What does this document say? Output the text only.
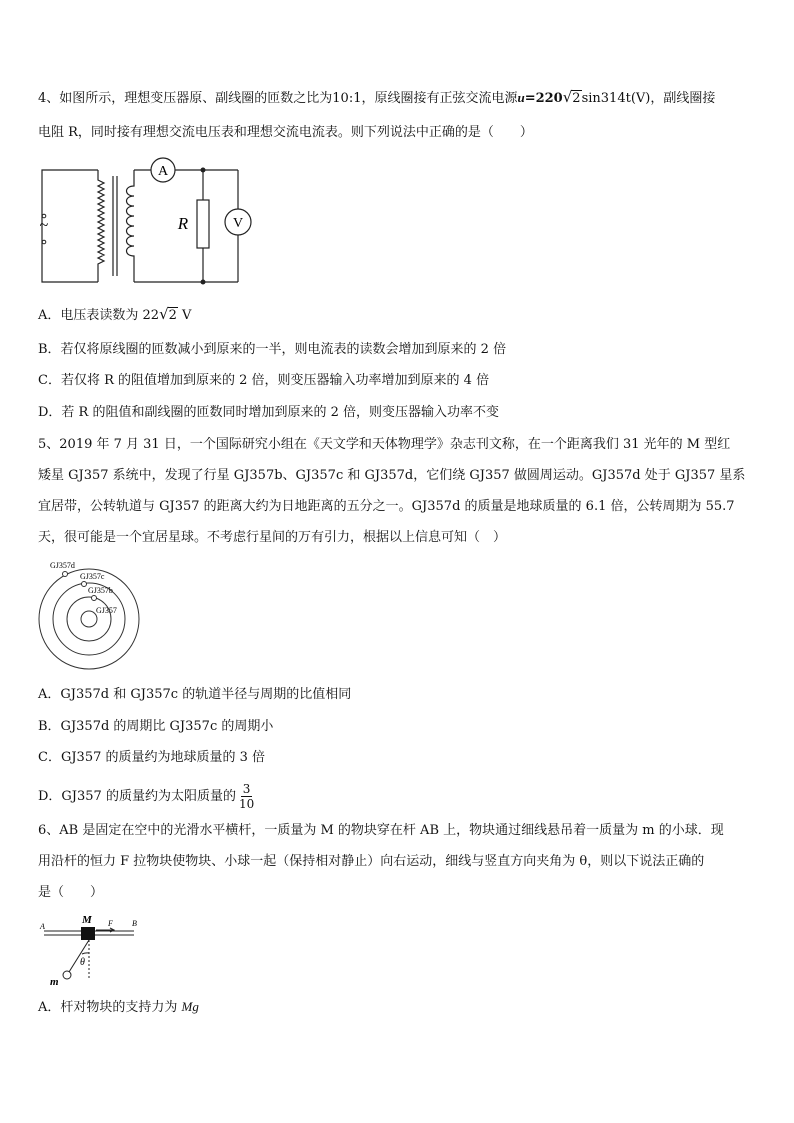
4、如图所示，理想变压器原、副线圈的匝数之比为10:1，原线圈接有正弦交流电源u=220√2sin314t(V)，副线圈接
电阻 R，同时接有理想交流电压表和理想交流电流表。则下列说法中正确的是（　　）
A
V
R
~
A．电压表读数为 22√2 V
B．若仅将原线圈的匝数减小到原来的一半，则电流表的读数会增加到原来的 2 倍
C．若仅将 R 的阻值增加到原来的 2 倍，则变压器输入功率增加到原来的 4 倍
D．若 R 的阻值和副线圈的匝数同时增加到原来的 2 倍，则变压器输入功率不变
5、2019 年 7 月 31 日，一个国际研究小组在《天文学和天体物理学》杂志刊文称，在一个距离我们 31 光年的 M 型红
矮星 GJ357 系统中，发现了行星 GJ357b、GJ357c 和 GJ357d，它们绕 GJ357 做圆周运动。GJ357d 处于 GJ357 星系
宜居带，公转轨道与 GJ357 的距离大约为日地距离的五分之一。GJ357d 的质量是地球质量的 6.1 倍，公转周期为 55.7
天，很可能是一个宜居星球。不考虑行星间的万有引力，根据以上信息可知（　）
GJ357d
GJ357c
GJ357b
GJ357
A．GJ357d 和 GJ357c 的轨道半径与周期的比值相同
B．GJ357d 的周期比 GJ357c 的周期小
C．GJ357 的质量约为地球质量的 3 倍
D．GJ357 的质量约为太阳质量的 $\frac{3}{10}$
6、AB 是固定在空中的光滑水平横杆，一质量为 M 的物块穿在杆 AB 上，物块通过细线悬吊着一质量为 m 的小球．现
用沿杆的恒力 F 拉物块使物块、小球一起（保持相对静止）向右运动，细线与竖直方向夹角为 θ，则以下说法正确的
是（　　）
A	B
M F
θ
m
A．杆对物块的支持力为 Mg
